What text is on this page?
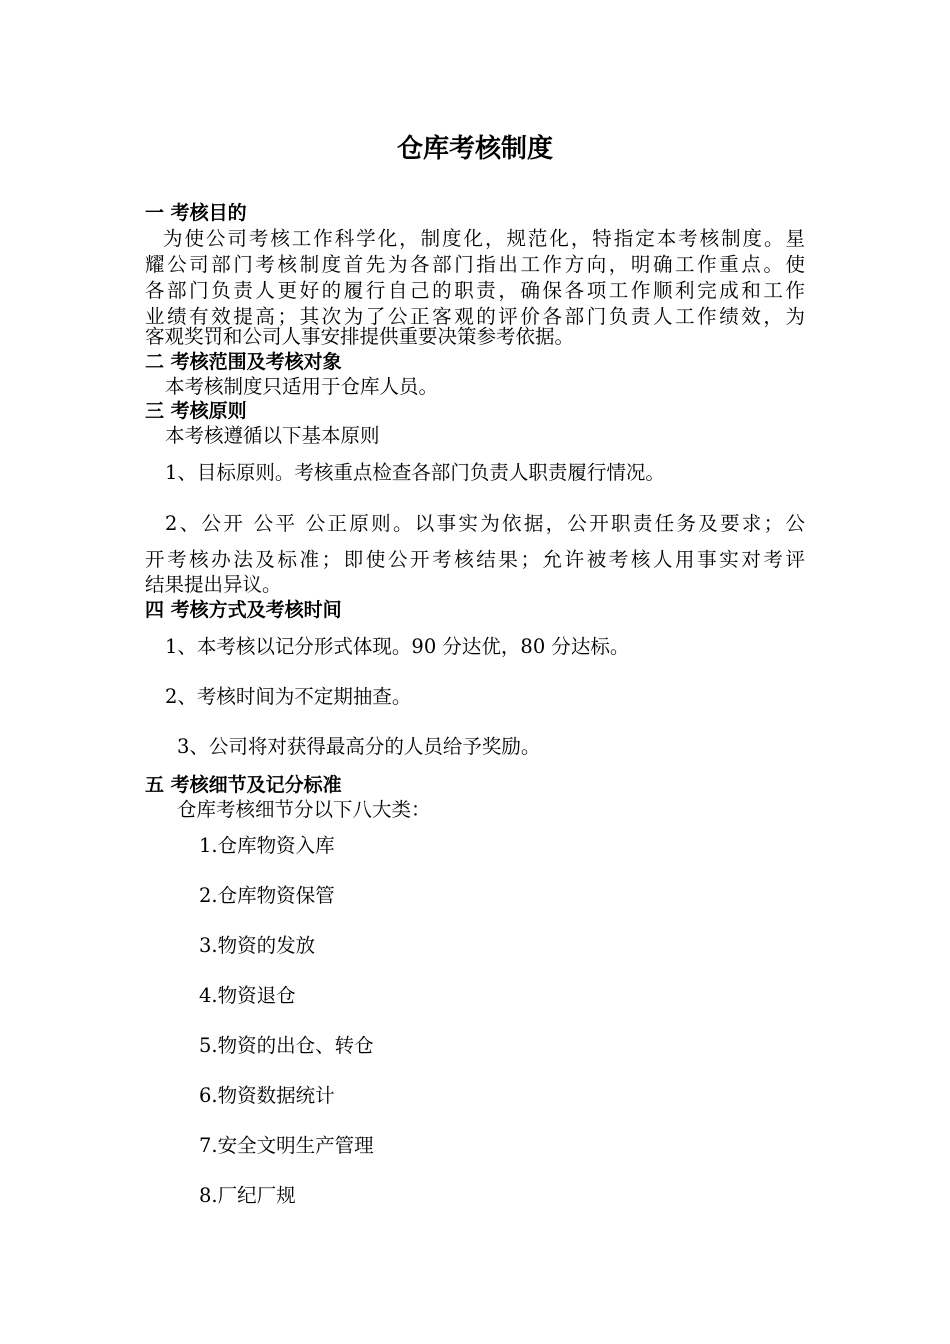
仓库考核制度
一 考核目的
为使公司考核工作科学化，制度化，规范化，特指定本考核制度。星
耀公司部门考核制度首先为各部门指出工作方向，明确工作重点。使
各部门负责人更好的履行自己的职责，确保各项工作顺利完成和工作
业绩有效提高；其次为了公正客观的评价各部门负责人工作绩效，为
客观奖罚和公司人事安排提供重要决策参考依据。
二 考核范围及考核对象
本考核制度只适用于仓库人员。
三 考核原则
本考核遵循以下基本原则
1、目标原则。考核重点检查各部门负责人职责履行情况。
2、公开 公平 公正原则。以事实为依据，公开职责任务及要求；公
开考核办法及标准；即使公开考核结果；允许被考核人用事实对考评
结果提出异议。
四 考核方式及考核时间
1、本考核以记分形式体现。90 分达优，80 分达标。
2、考核时间为不定期抽查。
3、公司将对获得最高分的人员给予奖励。
五 考核细节及记分标准
仓库考核细节分以下八大类：
1.仓库物资入库
2.仓库物资保管
3.物资的发放
4.物资退仓
5.物资的出仓、转仓
6.物资数据统计
7.安全文明生产管理
8.厂纪厂规
